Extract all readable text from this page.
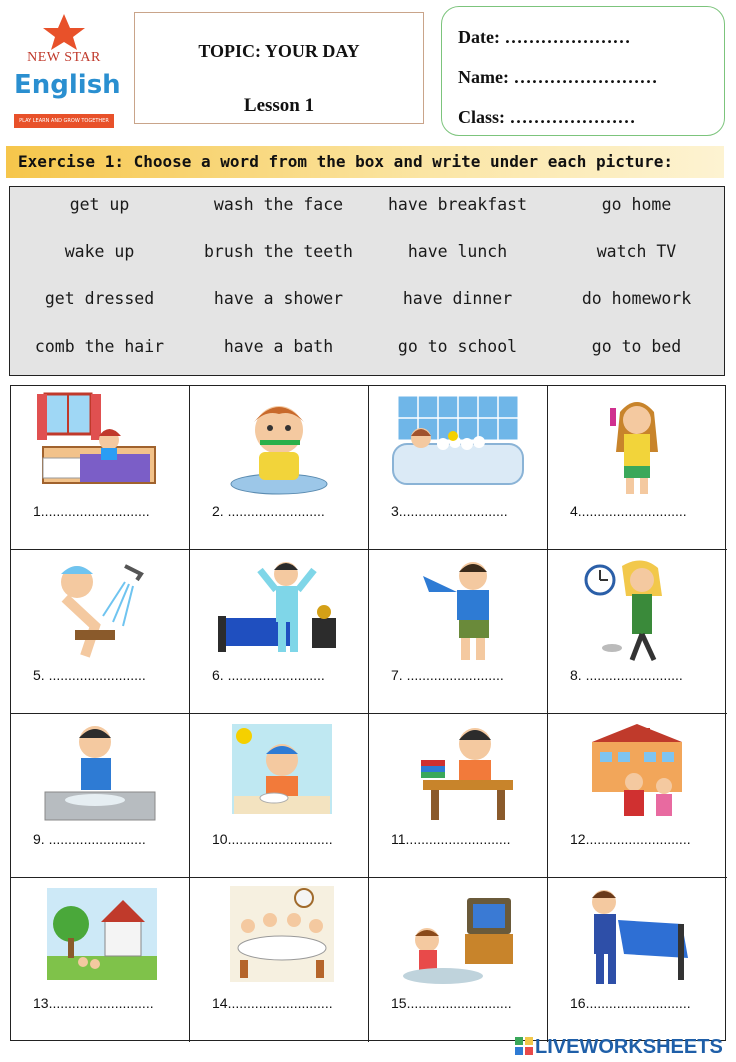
NEW STAR
English
PLAY LEARN AND GROW TOGETHER
TOPIC: YOUR DAY
Lesson 1
Date: …………………
Name: ……………………
Class: …………………
Exercise 1: Choose a word from the box and write under each picture:
get up	wash the face	have breakfast	go home
wake up	brush the teeth	have lunch	watch TV
get dressed	have a shower	have dinner	do homework
comb the hair	have a bath	go to school	go to bed
1............................	2. .........................	3............................	4............................
5. .........................	6. .........................	7. .........................	8. .........................
9. .........................	10...........................	11...........................	12...........................
13...........................	14...........................	15...........................	16...........................
LIVEWORKSHEETS
